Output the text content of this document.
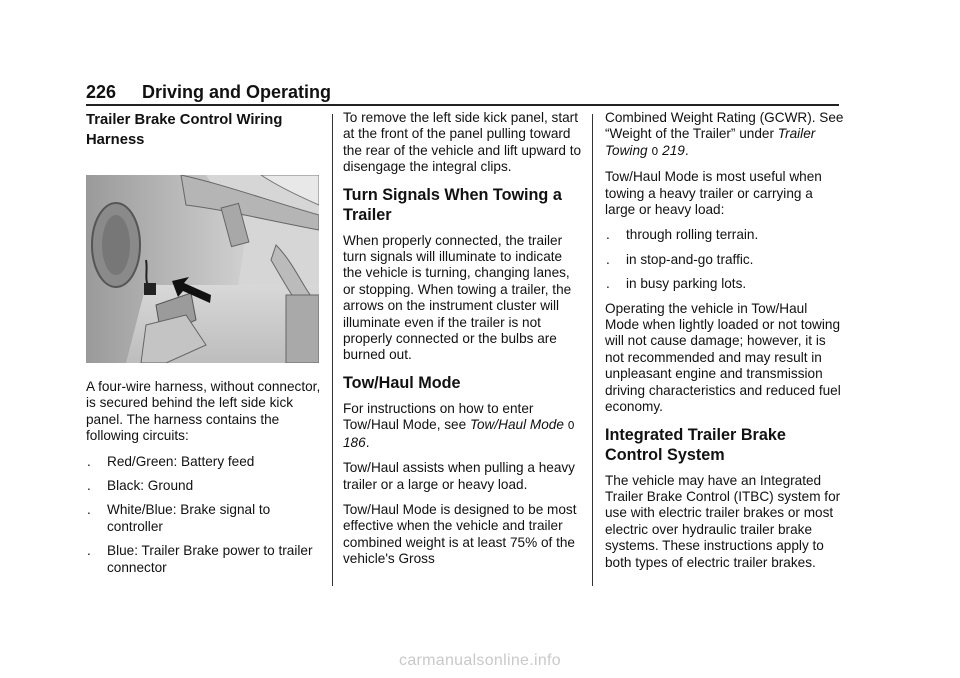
226 Driving and Operating
Trailer Brake Control Wiring Harness

A four-wire harness, without connector, is secured behind the left side kick panel. The harness contains the following circuits:

. Red/Green: Battery feed
. Black: Ground
. White/Blue: Brake signal to controller
. Blue: Trailer Brake power to trailer connector

To remove the left side kick panel, start at the front of the panel pulling toward the rear of the vehicle and lift upward to disengage the integral clips.

Turn Signals When Towing a Trailer

When properly connected, the trailer turn signals will illuminate to indicate the vehicle is turning, changing lanes, or stopping. When towing a trailer, the arrows on the instrument cluster will illuminate even if the trailer is not properly connected or the bulbs are burned out.

Tow/Haul Mode

For instructions on how to enter Tow/Haul Mode, see Tow/Haul Mode 0 186.

Tow/Haul assists when pulling a heavy trailer or a large or heavy load.

Tow/Haul Mode is designed to be most effective when the vehicle and trailer combined weight is at least 75% of the vehicle's Gross

Combined Weight Rating (GCWR). See “Weight of the Trailer” under Trailer Towing 0 219.

Tow/Haul Mode is most useful when towing a heavy trailer or carrying a large or heavy load:

. through rolling terrain.
. in stop-and-go traffic.
. in busy parking lots.

Operating the vehicle in Tow/Haul Mode when lightly loaded or not towing will not cause damage; however, it is not recommended and may result in unpleasant engine and transmission driving characteristics and reduced fuel economy.

Integrated Trailer Brake Control System

The vehicle may have an Integrated Trailer Brake Control (ITBC) system for use with electric trailer brakes or most electric over hydraulic trailer brake systems. These instructions apply to both types of electric trailer brakes.

carmanualsonline.info
